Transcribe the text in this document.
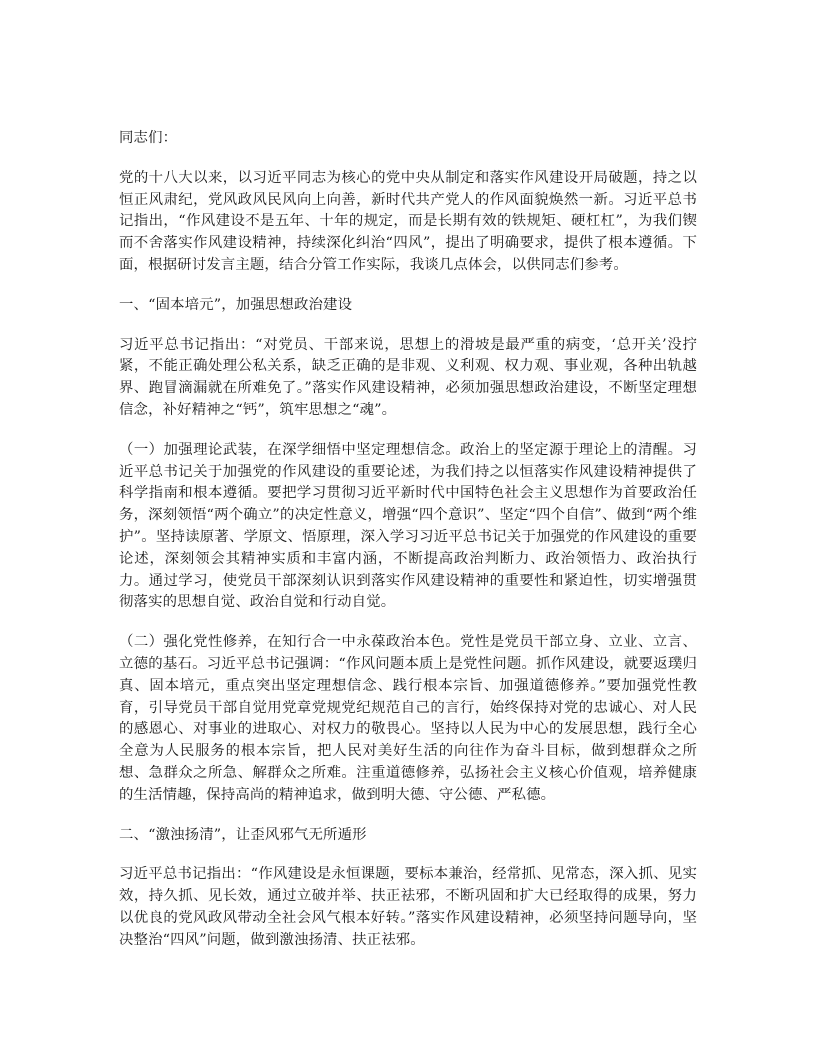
同志们：

党的十八大以来，以习近平同志为核心的党中央从制定和落实作风建设开局破题，持之以恒正风肃纪，党风政风民风向上向善，新时代共产党人的作风面貌焕然一新。习近平总书记指出，“作风建设不是五年、十年的规定，而是长期有效的铁规矩、硬杠杠”，为我们锲而不舍落实作风建设精神，持续深化纠治“四风”，提出了明确要求，提供了根本遵循。下面，根据研讨发言主题，结合分管工作实际，我谈几点体会，以供同志们参考。

一、“固本培元”，加强思想政治建设

习近平总书记指出：“对党员、干部来说，思想上的滑坡是最严重的病变，‘总开关’没拧紧，不能正确处理公私关系，缺乏正确的是非观、义利观、权力观、事业观，各种出轨越界、跑冒滴漏就在所难免了。”落实作风建设精神，必须加强思想政治建设，不断坚定理想信念，补好精神之“钙”，筑牢思想之“魂”。

（一）加强理论武装，在深学细悟中坚定理想信念。政治上的坚定源于理论上的清醒。习近平总书记关于加强党的作风建设的重要论述，为我们持之以恒落实作风建设精神提供了科学指南和根本遵循。要把学习贯彻习近平新时代中国特色社会主义思想作为首要政治任务，深刻领悟“两个确立”的决定性意义，增强“四个意识”、坚定“四个自信”、做到“两个维护”。坚持读原著、学原文、悟原理，深入学习习近平总书记关于加强党的作风建设的重要论述，深刻领会其精神实质和丰富内涵，不断提高政治判断力、政治领悟力、政治执行力。通过学习，使党员干部深刻认识到落实作风建设精神的重要性和紧迫性，切实增强贯彻落实的思想自觉、政治自觉和行动自觉。

（二）强化党性修养，在知行合一中永葆政治本色。党性是党员干部立身、立业、立言、立德的基石。习近平总书记强调：“作风问题本质上是党性问题。抓作风建设，就要返璞归真、固本培元，重点突出坚定理想信念、践行根本宗旨、加强道德修养。”要加强党性教育，引导党员干部自觉用党章党规党纪规范自己的言行，始终保持对党的忠诚心、对人民的感恩心、对事业的进取心、对权力的敬畏心。坚持以人民为中心的发展思想，践行全心全意为人民服务的根本宗旨，把人民对美好生活的向往作为奋斗目标，做到想群众之所想、急群众之所急、解群众之所难。注重道德修养，弘扬社会主义核心价值观，培养健康的生活情趣，保持高尚的精神追求，做到明大德、守公德、严私德。

二、“激浊扬清”，让歪风邪气无所遁形

习近平总书记指出：“作风建设是永恒课题，要标本兼治，经常抓、见常态，深入抓、见实效，持久抓、见长效，通过立破并举、扶正祛邪，不断巩固和扩大已经取得的成果，努力以优良的党风政风带动全社会风气根本好转。”落实作风建设精神，必须坚持问题导向，坚决整治“四风”问题，做到激浊扬清、扶正祛邪。
